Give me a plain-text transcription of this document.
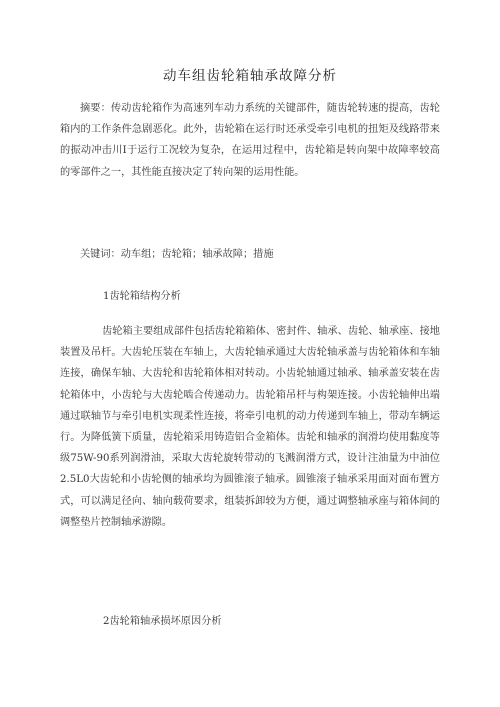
动车组齿轮箱轴承故障分析
摘要：传动齿轮箱作为高速列车动力系统的关键部件，随齿轮转速的提高，齿轮箱内的工作条件急剧恶化。此外，齿轮箱在运行时还承受牵引电机的扭矩及线路带来的振动冲击川Ⅰ于运行工况较为复杂，在运用过程中，齿轮箱是转向架中故障率较高的零部件之一，其性能直接决定了转向架的运用性能。
关键词：动车组；齿轮箱；轴承故障；措施
1齿轮箱结构分析
齿轮箱主要组成部件包括齿轮箱箱体、密封件、轴承、齿轮、轴承座、接地装置及吊杆。大齿轮压装在车轴上，大齿轮轴承通过大齿轮轴承盖与齿轮箱体和车轴连接，确保车轴、大齿轮和齿轮箱体相对转动。小齿轮轴通过轴承、轴承盖安装在齿轮箱体中，小齿轮与大齿轮啮合传递动力。齿轮箱吊杆与构架连接。小齿轮轴伸出端通过联轴节与牵引电机实现柔性连接，将牵引电机的动力传递到车轴上，带动车辆运行。为降低簧下质量，齿轮箱采用铸造铝合金箱体。齿轮和轴承的润滑均使用黏度等级75W-90系列润滑油，采取大齿轮旋转带动的飞溅润滑方式，设计注油量为中油位2.5L0大齿轮和小齿轮侧的轴承均为圆锥滚子轴承。圆锥滚子轴承采用面对面布置方式，可以满足径向、轴向载荷要求，组装拆卸较为方便，通过调整轴承座与箱体间的调整垫片控制轴承游隙。
2齿轮箱轴承损坏原因分析
